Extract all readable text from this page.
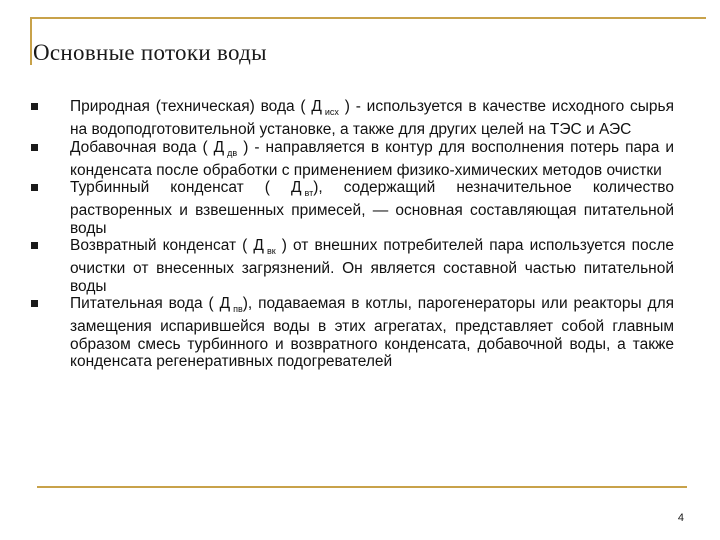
Основные потоки воды
Природная (техническая) вода ( Д $_{исх}$ ) - используется в качестве исходного сырья на водоподготовительной установке, а также для других целей на ТЭС и АЭС
Добавочная вода ( Д $_{дв}$ ) - направляется в контур для восполнения потерь пара и конденсата после обработки с применением физико-химических методов очистки
Турбинный конденсат ( Д $_{вт}$), содержащий незначительное количество растворенных и взвешенных примесей, — основная составляющая питательной воды
Возвратный конденсат ( Д $_{вк}$ ) от внешних потребителей пара используется после очистки от внесенных загрязнений. Он является составной частью питательной воды
Питательная вода ( Д $_{пв}$), подаваемая в котлы, парогенераторы или реакторы для замещения испарившейся воды в этих агрегатах, представляет собой главным образом смесь турбинного и возвратного конденсата, добавочной воды, а также конденсата регенеративных подогревателей
4
